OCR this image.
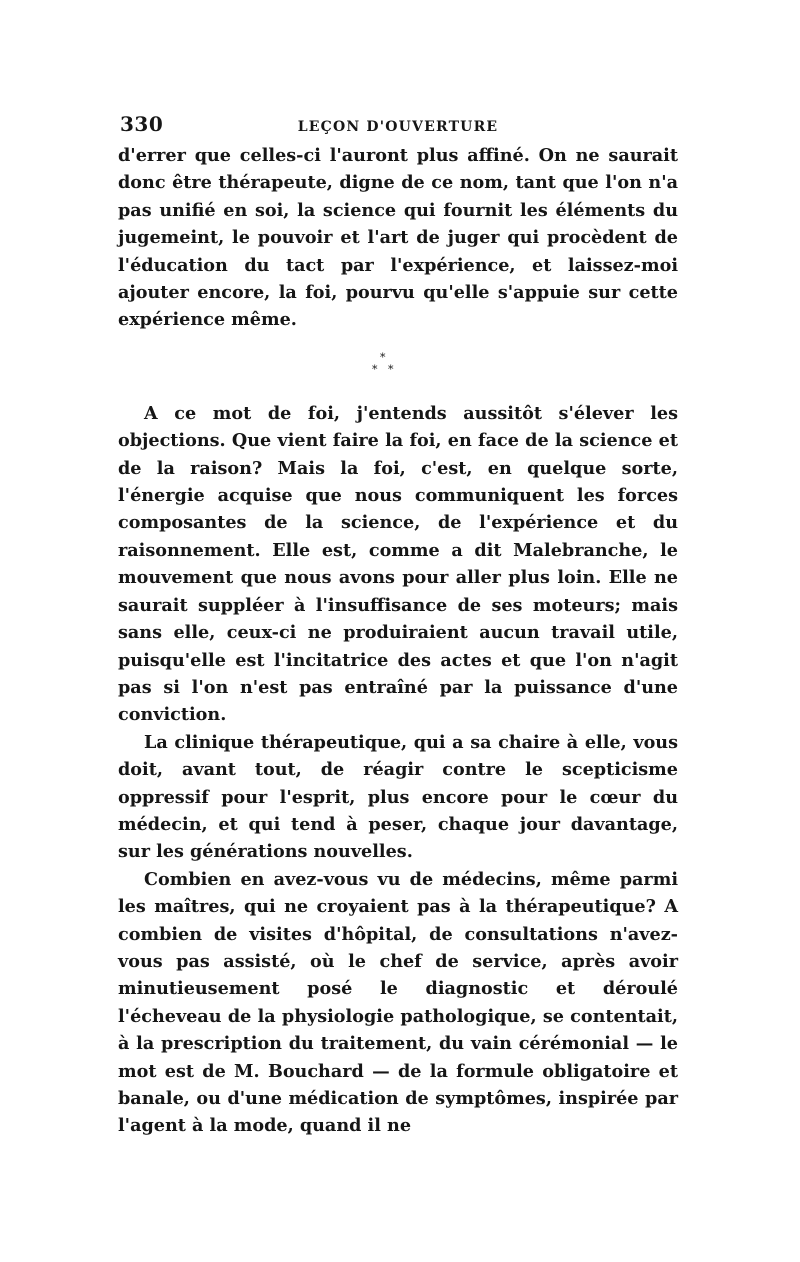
330	LEÇON D'OUVERTURE

d'errer que celles-ci l'auront plus affiné. On ne saurait donc être thérapeute, digne de ce nom, tant que l'on n'a pas unifié en soi, la science qui fournit les éléments du jugemeint, le pouvoir et l'art de juger qui procèdent de l'éducation du tact par l'expérience, et laissez-moi ajouter encore, la foi, pourvu qu'elle s'appuie sur cette expérience même.

*
* *

A ce mot de foi, j'entends aussitôt s'élever les objections. Que vient faire la foi, en face de la science et de la raison? Mais la foi, c'est, en quelque sorte, l'énergie acquise que nous communiquent les forces composantes de la science, de l'expérience et du raisonnement. Elle est, comme a dit Malebranche, le mouvement que nous avons pour aller plus loin. Elle ne saurait suppléer à l'insuffisance de ses moteurs; mais sans elle, ceux-ci ne produiraient aucun travail utile, puisqu'elle est l'incitatrice des actes et que l'on n'agit pas si l'on n'est pas entraîné par la puissance d'une conviction.

La clinique thérapeutique, qui a sa chaire à elle, vous doit, avant tout, de réagir contre le scepticisme oppressif pour l'esprit, plus encore pour le cœur du médecin, et qui tend à peser, chaque jour davantage, sur les générations nouvelles.

Combien en avez-vous vu de médecins, même parmi les maîtres, qui ne croyaient pas à la thérapeutique? A combien de visites d'hôpital, de consultations n'avez-vous pas assisté, où le chef de service, après avoir minutieusement posé le diagnostic et déroulé l'écheveau de la physiologie pathologique, se contentait, à la prescription du traitement, du vain cérémonial — le mot est de M. Bouchard — de la formule obligatoire et banale, ou d'une médication de symptômes, inspirée par l'agent à la mode, quand il ne
